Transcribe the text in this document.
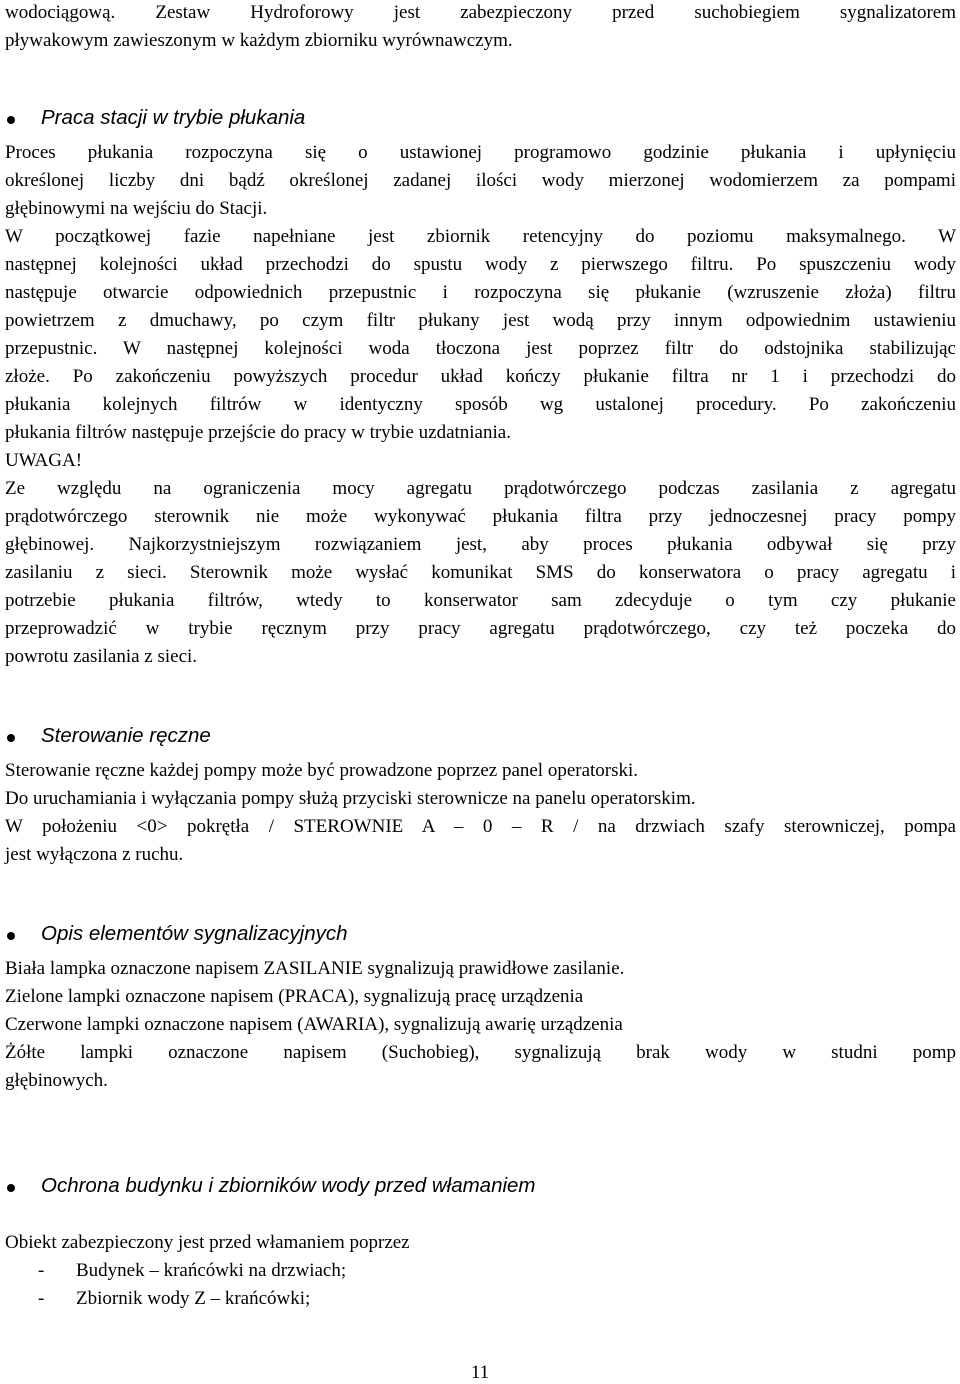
wodociągową. Zestaw Hydroforowy jest zabezpieczony przed suchobiegiem sygnalizatorem
pływakowym zawieszonym w każdym zbiorniku wyrównawczym.
Praca stacji w trybie płukania
Proces płukania rozpoczyna się o ustawionej programowo godzinie płukania i upłynięciu
określonej liczby dni bądź określonej zadanej ilości wody mierzonej wodomierzem za pompami
głębinowymi na wejściu do Stacji.
W początkowej fazie napełniane jest zbiornik retencyjny do poziomu maksymalnego. W
następnej kolejności układ przechodzi do spustu wody z pierwszego filtru. Po spuszczeniu wody
następuje otwarcie odpowiednich przepustnic i rozpoczyna się płukanie (wzruszenie złoża) filtru
powietrzem z dmuchawy, po czym filtr płukany jest wodą przy innym odpowiednim ustawieniu
przepustnic. W następnej kolejności woda tłoczona jest poprzez filtr do odstojnika stabilizując
złoże. Po zakończeniu powyższych procedur układ kończy płukanie filtra nr 1 i przechodzi do
płukania kolejnych filtrów w identyczny sposób wg ustalonej procedury. Po zakończeniu
płukania filtrów następuje przejście do pracy w trybie uzdatniania.
UWAGA!
Ze względu na ograniczenia mocy agregatu prądotwórczego podczas zasilania z agregatu
prądotwórczego sterownik nie może wykonywać płukania filtra przy jednoczesnej pracy pompy
głębinowej. Najkorzystniejszym rozwiązaniem jest, aby proces płukania odbywał się przy
zasilaniu z sieci. Sterownik może wysłać komunikat SMS do konserwatora o pracy agregatu i
potrzebie płukania filtrów, wtedy to konserwator sam zdecyduje o tym czy płukanie
przeprowadzić w trybie ręcznym przy pracy agregatu prądotwórczego, czy też poczeka do
powrotu zasilania z sieci.
Sterowanie ręczne
Sterowanie ręczne każdej pompy może być prowadzone poprzez panel operatorski.
Do uruchamiania i wyłączania pompy służą przyciski sterownicze na panelu operatorskim.
W położeniu <0> pokrętła / STEROWNIE A – 0 – R / na drzwiach szafy sterowniczej, pompa
jest wyłączona z ruchu.
Opis elementów sygnalizacyjnych
Biała lampka oznaczone napisem ZASILANIE sygnalizują prawidłowe zasilanie.
Zielone lampki oznaczone napisem (PRACA), sygnalizują pracę urządzenia
Czerwone lampki oznaczone napisem (AWARIA), sygnalizują awarię urządzenia
Żółte lampki oznaczone napisem (Suchobieg), sygnalizują brak wody w studni pomp
głębinowych.
Ochrona budynku i zbiorników wody przed włamaniem
Obiekt zabezpieczony jest przed włamaniem poprzez
- Budynek – krańcówki na drzwiach;
- Zbiornik wody Z – krańcówki;
11
